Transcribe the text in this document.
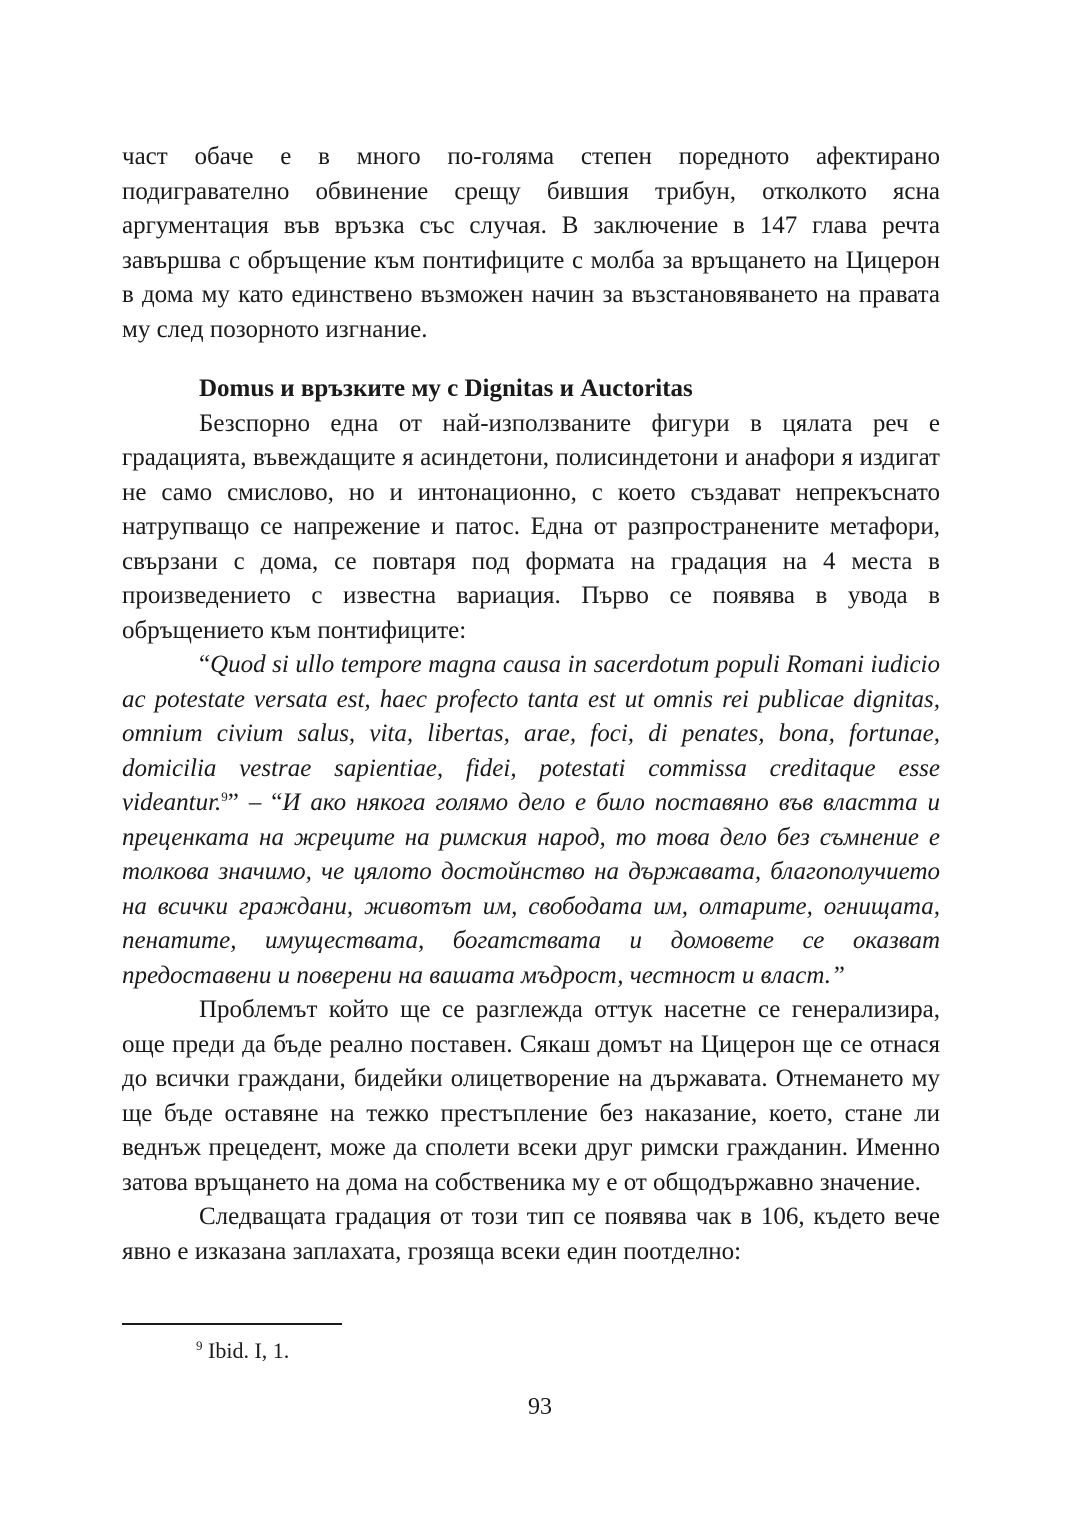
част обаче е в много по-голяма степен поредното афектирано подигравателно обвинение срещу бившия трибун, отколкото ясна аргументация във връзка със случая. В заключение в 147 глава речта завършва с обръщение към понтифиците с молба за връщането на Цицерон в дома му като единствено възможен начин за възстановяването на правата му след позорното изгнание.

Domus и връзките му с Dignitas и Auctoritas

Безспорно една от най-използваните фигури в цялата реч е градацията, въвеждащите я асиндетони, полисиндетони и анафори я издигат не само смислово, но и интонационно, с което създават непрекъснато натрупващо се напрежение и патос. Една от разпространените метафори, свързани с дома, се повтаря под формата на градация на 4 места в произведението с известна вариация. Първо се появява в увода в обръщението към понтифиците:

“Quod si ullo tempore magna causa in sacerdotum populi Romani iudicio ac potestate versata est, haec profecto tanta est ut omnis rei publicae dignitas, omnium civium salus, vita, libertas, arae, foci, di penates, bona, fortunae, domicilia vestrae sapientiae, fidei, potestati commissa creditaque esse videantur.$^9$” – “И ако някога голямо дело е било поставяно във властта и преценката на жреците на римския народ, то това дело без съмнение е толкова значимо, че цялото достойнство на държавата, благополучието на всички граждани, животът им, свободата им, олтарите, огнищата, пенатите, имуществата, богатствата и домовете се оказват предоставени и поверени на вашата мъдрост, честност и власт.”

Проблемът който ще се разглежда оттук насетне се генерализира, още преди да бъде реално поставен. Сякаш домът на Цицерон ще се отнася до всички граждани, бидейки олицетворение на държавата. Отнемането му ще бъде оставяне на тежко престъпление без наказание, което, стане ли веднъж прецедент, може да сполети всеки друг римски гражданин. Именно затова връщането на дома на собственика му е от общодържавно значение.

Следващата градация от този тип се появява чак в 106, където вече явно е изказана заплахата, грозяща всеки един поотделно:

$^9$ Ibid. I, 1.
93
